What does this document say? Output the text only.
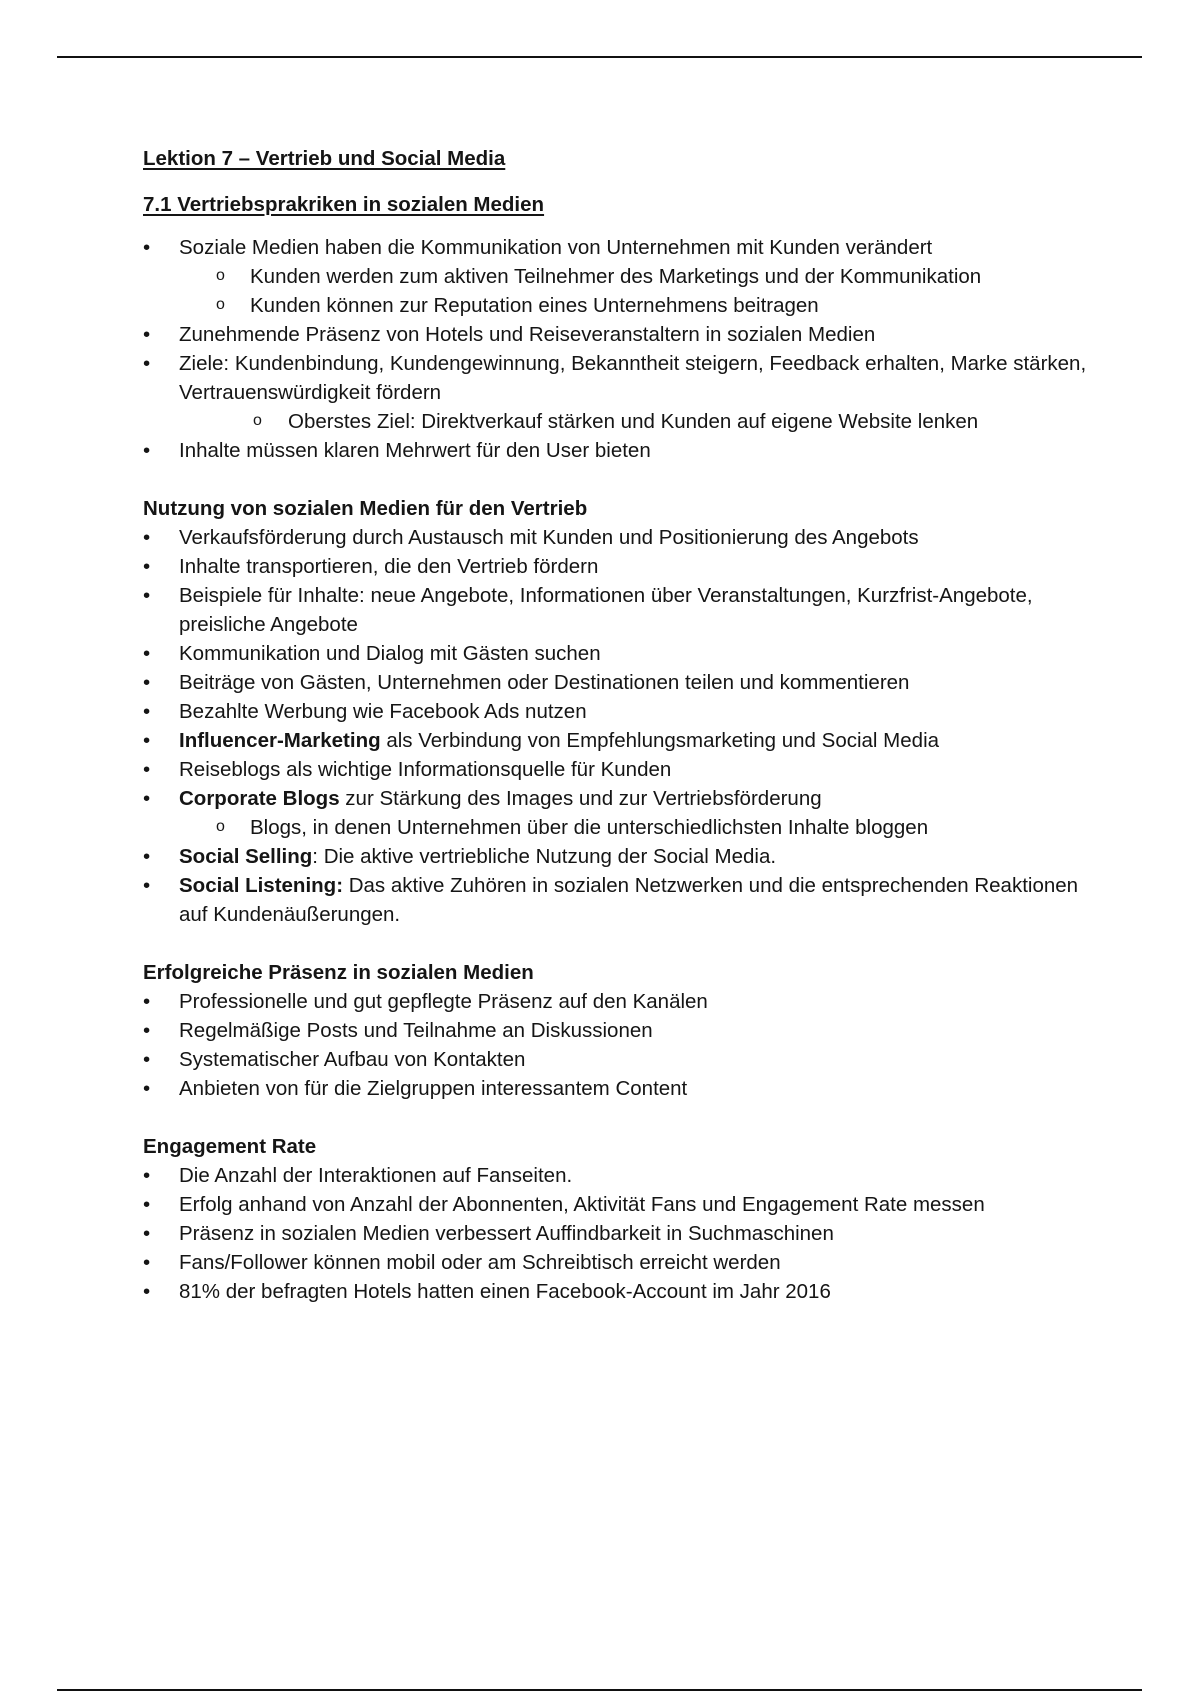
Lektion 7 – Vertrieb und Social Media
7.1 Vertriebsprakriken in sozialen Medien
• Soziale Medien haben die Kommunikation von Unternehmen mit Kunden verändert
o Kunden werden zum aktiven Teilnehmer des Marketings und der Kommunikation
o Kunden können zur Reputation eines Unternehmens beitragen
• Zunehmende Präsenz von Hotels und Reiseveranstaltern in sozialen Medien
• Ziele: Kundenbindung, Kundengewinnung, Bekanntheit steigern, Feedback erhalten, Marke stärken, Vertrauenswürdigkeit fördern
o Oberstes Ziel: Direktverkauf stärken und Kunden auf eigene Website lenken
• Inhalte müssen klaren Mehrwert für den User bieten
Nutzung von sozialen Medien für den Vertrieb
• Verkaufsförderung durch Austausch mit Kunden und Positionierung des Angebots
• Inhalte transportieren, die den Vertrieb fördern
• Beispiele für Inhalte: neue Angebote, Informationen über Veranstaltungen, Kurzfrist-Angebote, preisliche Angebote
• Kommunikation und Dialog mit Gästen suchen
• Beiträge von Gästen, Unternehmen oder Destinationen teilen und kommentieren
• Bezahlte Werbung wie Facebook Ads nutzen
• Influencer-Marketing als Verbindung von Empfehlungsmarketing und Social Media
• Reiseblogs als wichtige Informationsquelle für Kunden
• Corporate Blogs zur Stärkung des Images und zur Vertriebsförderung
o Blogs, in denen Unternehmen über die unterschiedlichsten Inhalte bloggen
• Social Selling: Die aktive vertriebliche Nutzung der Social Media.
• Social Listening: Das aktive Zuhören in sozialen Netzwerken und die entsprechenden Reaktionen auf Kundenäußerungen.
Erfolgreiche Präsenz in sozialen Medien
• Professionelle und gut gepflegte Präsenz auf den Kanälen
• Regelmäßige Posts und Teilnahme an Diskussionen
• Systematischer Aufbau von Kontakten
• Anbieten von für die Zielgruppen interessantem Content
Engagement Rate
• Die Anzahl der Interaktionen auf Fanseiten.
• Erfolg anhand von Anzahl der Abonnenten, Aktivität Fans und Engagement Rate messen
• Präsenz in sozialen Medien verbessert Auffindbarkeit in Suchmaschinen
• Fans/Follower können mobil oder am Schreibtisch erreicht werden
• 81% der befragten Hotels hatten einen Facebook-Account im Jahr 2016
